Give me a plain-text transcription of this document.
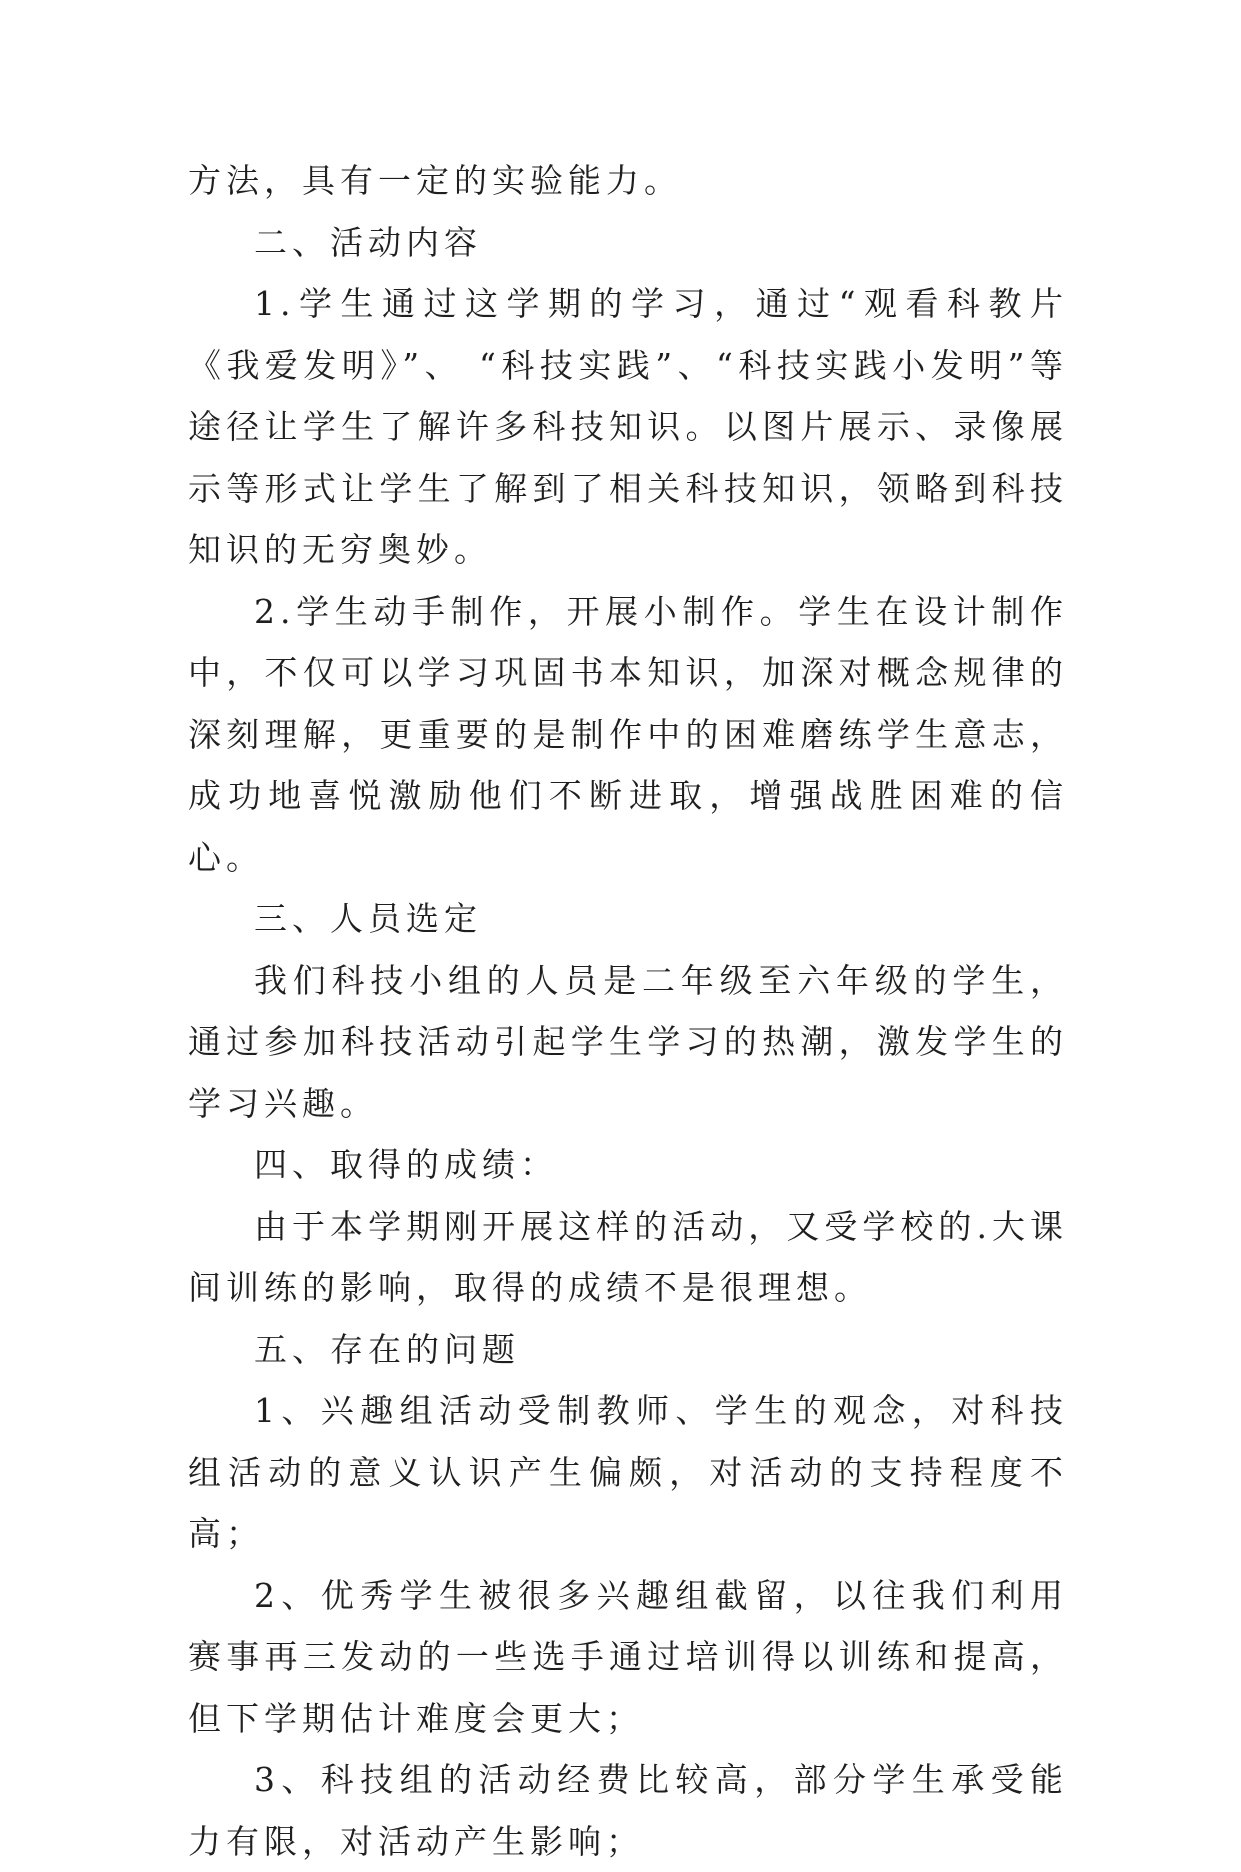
方法，具有一定的实验能力。

二、活动内容

1.学生通过这学期的学习，通过“观看科教片《我爱发明》”、 “科技实践”、“科技实践小发明”等途径让学生了解许多科技知识。以图片展示、录像展示等形式让学生了解到了相关科技知识，领略到科技知识的无穷奥妙。

2.学生动手制作，开展小制作。学生在设计制作中，不仅可以学习巩固书本知识，加深对概念规律的深刻理解，更重要的是制作中的困难磨练学生意志，成功地喜悦激励他们不断进取，增强战胜困难的信心。

三、人员选定

我们科技小组的人员是二年级至六年级的学生，通过参加科技活动引起学生学习的热潮，激发学生的学习兴趣。

四、取得的成绩：

由于本学期刚开展这样的活动，又受学校的.大课间训练的影响，取得的成绩不是很理想。

五、存在的问题

1、兴趣组活动受制教师、学生的观念，对科技组活动的意义认识产生偏颇，对活动的支持程度不高；

2、优秀学生被很多兴趣组截留，以往我们利用赛事再三发动的一些选手通过培训得以训练和提高，但下学期估计难度会更大；

3、科技组的活动经费比较高，部分学生承受能力有限，对活动产生影响；
